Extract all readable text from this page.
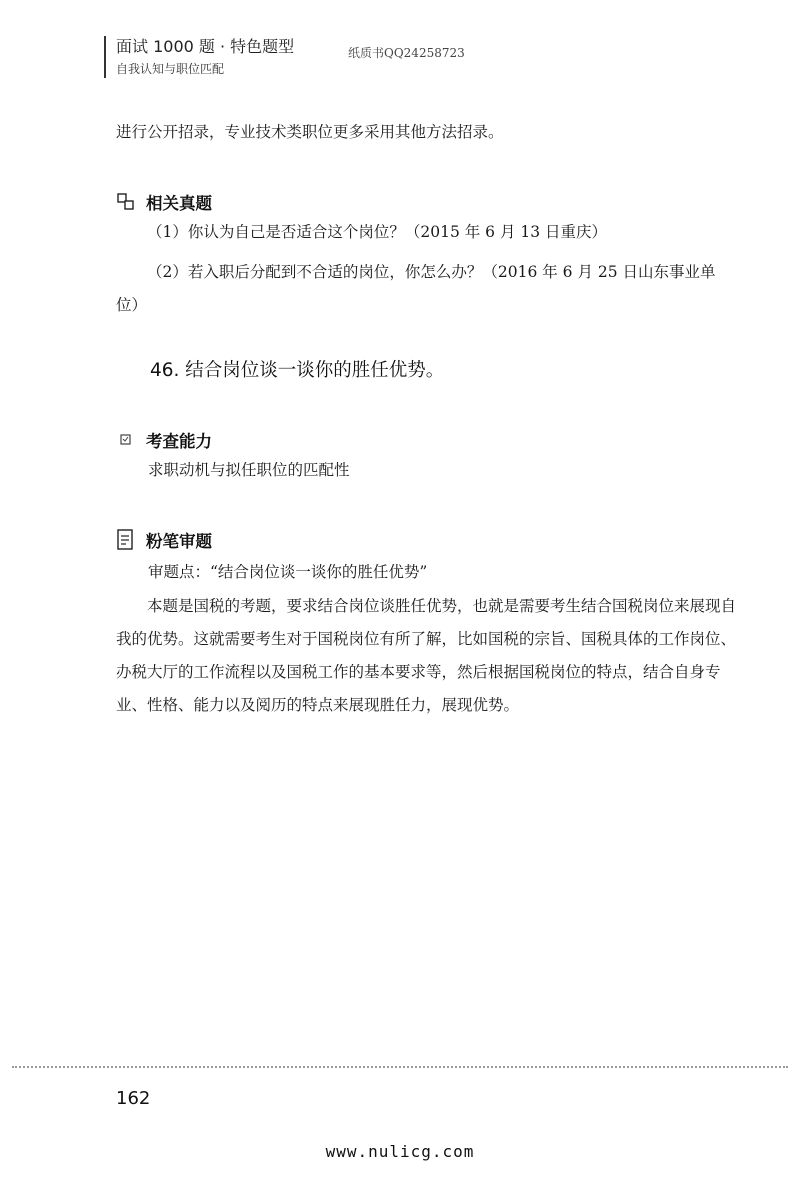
面试 1000 题 · 特色题型
自我认知与职位匹配
纸质书QQ24258723
进行公开招录，专业技术类职位更多采用其他方法招录。
相关真题
（1）你认为自己是否适合这个岗位？（2015 年 6 月 13 日重庆）
（2）若入职后分配到不合适的岗位，你怎么办？（2016 年 6 月 25 日山东事业单位）
46. 结合岗位谈一谈你的胜任优势。
考查能力
求职动机与拟任职位的匹配性
粉笔审题
审题点：“结合岗位谈一谈你的胜任优势”
本题是国税的考题，要求结合岗位谈胜任优势，也就是需要考生结合国税岗位来展现自我的优势。这就需要考生对于国税岗位有所了解，比如国税的宗旨、国税具体的工作岗位、办税大厅的工作流程以及国税工作的基本要求等，然后根据国税岗位的特点，结合自身专业、性格、能力以及阅历的特点来展现胜任力，展现优势。
162
www.nulicg.com
